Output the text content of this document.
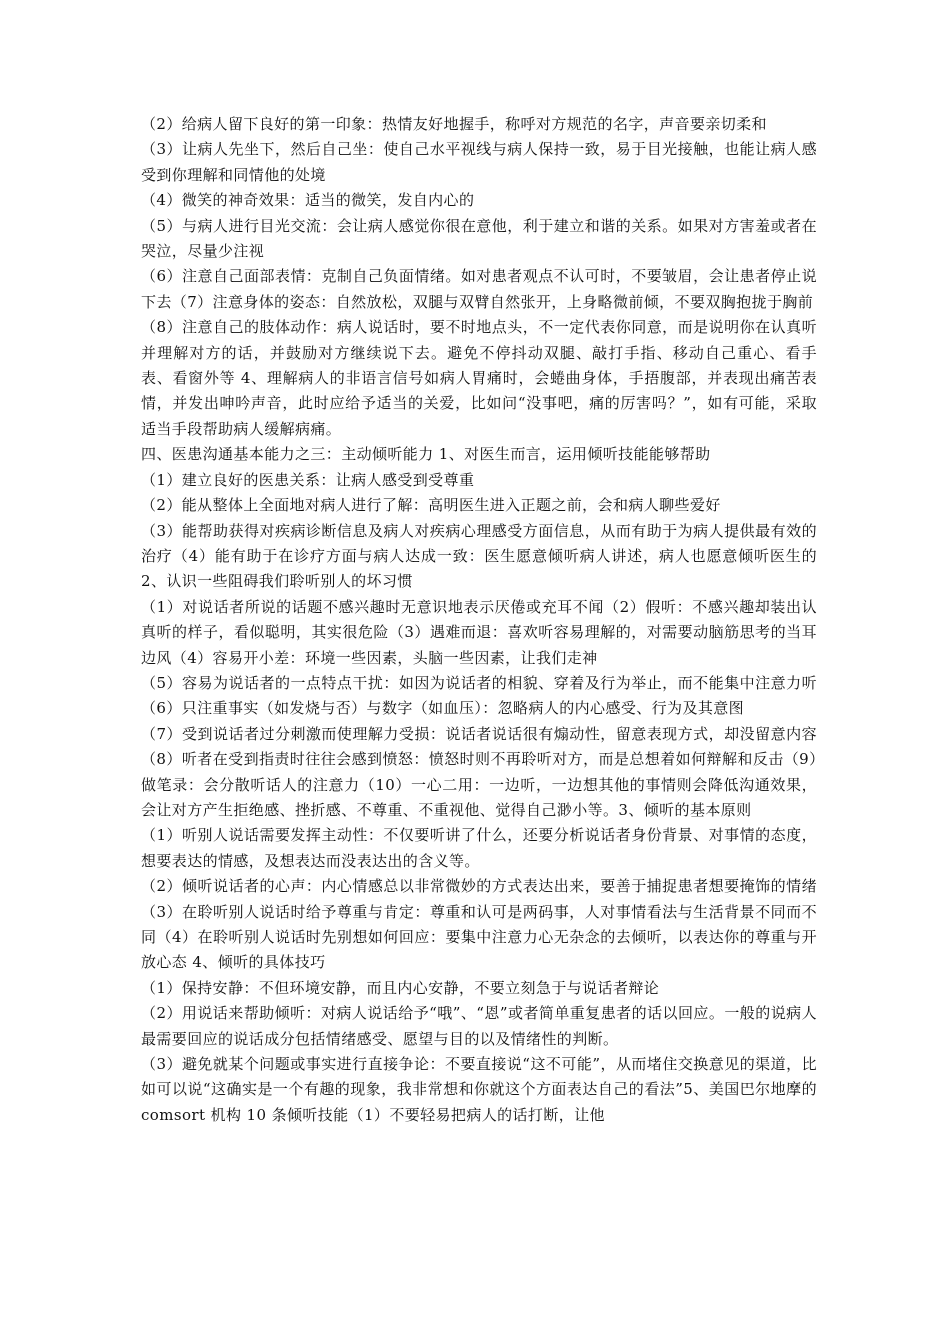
（2）给病人留下良好的第一印象：热情友好地握手，称呼对方规范的名字，声音要亲切柔和

（3）让病人先坐下，然后自己坐：使自己水平视线与病人保持一致，易于目光接触，也能让病人感受到你理解和同情他的处境

（4）微笑的神奇效果：适当的微笑，发自内心的

（5）与病人进行目光交流：会让病人感觉你很在意他，利于建立和谐的关系。如果对方害羞或者在哭泣，尽量少注视

（6）注意自己面部表情：克制自己负面情绪。如对患者观点不认可时，不要皱眉，会让患者停止说下去（7）注意身体的姿态：自然放松，双腿与双臂自然张开，上身略微前倾，不要双胸抱拢于胸前

（8）注意自己的肢体动作：病人说话时，要不时地点头，不一定代表你同意，而是说明你在认真听并理解对方的话，并鼓励对方继续说下去。避免不停抖动双腿、敲打手指、移动自己重心、看手表、看窗外等 4、理解病人的非语言信号如病人胃痛时，会蜷曲身体，手捂腹部，并表现出痛苦表情，并发出呻吟声音，此时应给予适当的关爱，比如问“没事吧，痛的厉害吗？”，如有可能，采取适当手段帮助病人缓解病痛。

四、医患沟通基本能力之三：主动倾听能力 1、对医生而言，运用倾听技能能够帮助

（1）建立良好的医患关系：让病人感受到受尊重

（2）能从整体上全面地对病人进行了解：高明医生进入正题之前，会和病人聊些爱好

（3）能帮助获得对疾病诊断信息及病人对疾病心理感受方面信息，从而有助于为病人提供最有效的治疗（4）能有助于在诊疗方面与病人达成一致：医生愿意倾听病人讲述，病人也愿意倾听医生的 2、认识一些阻碍我们聆听别人的坏习惯

（1）对说话者所说的话题不感兴趣时无意识地表示厌倦或充耳不闻（2）假听：不感兴趣却装出认真听的样子，看似聪明，其实很危险（3）遇难而退：喜欢听容易理解的，对需要动脑筋思考的当耳边风（4）容易开小差：环境一些因素，头脑一些因素，让我们走神

（5）容易为说话者的一点特点干扰：如因为说话者的相貌、穿着及行为举止，而不能集中注意力听（6）只注重事实（如发烧与否）与数字（如血压）：忽略病人的内心感受、行为及其意图

（7）受到说话者过分刺激而使理解力受损：说话者说话很有煽动性，留意表现方式，却没留意内容（8）听者在受到指责时往往会感到愤怒：愤怒时则不再聆听对方，而是总想着如何辩解和反击（9）做笔录：会分散听话人的注意力（10）一心二用：一边听，一边想其他的事情则会降低沟通效果，会让对方产生拒绝感、挫折感、不尊重、不重视他、觉得自己渺小等。3、倾听的基本原则

（1）听别人说话需要发挥主动性：不仅要听讲了什么，还要分析说话者身份背景、对事情的态度，想要表达的情感，及想表达而没表达出的含义等。

（2）倾听说话者的心声：内心情感总以非常微妙的方式表达出来，要善于捕捉患者想要掩饰的情绪（3）在聆听别人说话时给予尊重与肯定：尊重和认可是两码事，人对事情看法与生活背景不同而不同（4）在聆听别人说话时先别想如何回应：要集中注意力心无杂念的去倾听，以表达你的尊重与开放心态 4、倾听的具体技巧

（1）保持安静：不但环境安静，而且内心安静，不要立刻急于与说话者辩论

（2）用说话来帮助倾听：对病人说话给予“哦”、“恩”或者简单重复患者的话以回应。一般的说病人最需要回应的说话成分包括情绪感受、愿望与目的以及情绪性的判断。

（3）避免就某个问题或事实进行直接争论：不要直接说“这不可能”，从而堵住交换意见的渠道，比如可以说“这确实是一个有趣的现象，我非常想和你就这个方面表达自己的看法”5、美国巴尔地摩的 comsort 机构 10 条倾听技能（1）不要轻易把病人的话打断，让他
